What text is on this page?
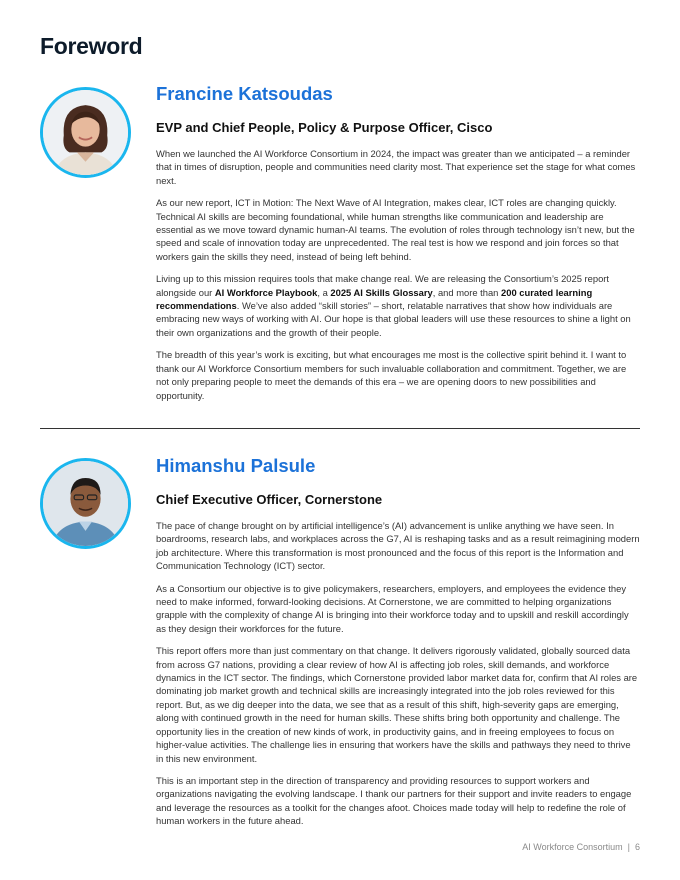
Foreword
Francine Katsoudas
EVP and Chief People, Policy & Purpose Officer, Cisco

When we launched the AI Workforce Consortium in 2024, the impact was greater than we anticipated – a reminder that in times of disruption, people and communities need clarity most. That experience set the stage for what comes next.

As our new report, ICT in Motion: The Next Wave of AI Integration, makes clear, ICT roles are changing quickly. Technical AI skills are becoming foundational, while human strengths like communication and leadership are essential as we move toward dynamic human-AI teams. The evolution of roles through technology isn’t new, but the speed and scale of innovation today are unprecedented. The real test is how we respond and join forces so that workers gain the skills they need, instead of being left behind.

Living up to this mission requires tools that make change real. We are releasing the Consortium’s 2025 report alongside our AI Workforce Playbook, a 2025 AI Skills Glossary, and more than 200 curated learning recommendations. We’ve also added “skill stories” – short, relatable narratives that show how individuals are embracing new ways of working with AI. Our hope is that global leaders will use these resources to shine a light on their own organizations and the growth of their people.

The breadth of this year’s work is exciting, but what encourages me most is the collective spirit behind it. I want to thank our AI Workforce Consortium members for such invaluable collaboration and commitment. Together, we are not only preparing people to meet the demands of this era – we are opening doors to new possibilities and opportunity.

Himanshu Palsule
Chief Executive Officer, Cornerstone

The pace of change brought on by artificial intelligence’s (AI) advancement is unlike anything we have seen. In boardrooms, research labs, and workplaces across the G7, AI is reshaping tasks and as a result reimagining modern job architecture. Where this transformation is most pronounced and the focus of this report is the Information and Communication Technology (ICT) sector.

As a Consortium our objective is to give policymakers, researchers, employers, and employees the evidence they need to make informed, forward-looking decisions. At Cornerstone, we are committed to helping organizations grapple with the complexity of change AI is bringing into their workforce today and to upskill and reskill accordingly as they design their workforces for the future.

This report offers more than just commentary on that change. It delivers rigorously validated, globally sourced data from across G7 nations, providing a clear review of how AI is affecting job roles, skill demands, and workforce dynamics in the ICT sector. The findings, which Cornerstone provided labor market data for, confirm that AI roles are dominating job market growth and technical skills are increasingly integrated into the job roles reviewed for this report. But, as we dig deeper into the data, we see that as a result of this shift, high-severity gaps are emerging, along with continued growth in the need for human skills. These shifts bring both opportunity and challenge. The opportunity lies in the creation of new kinds of work, in productivity gains, and in freeing employees to focus on higher-value activities. The challenge lies in ensuring that workers have the skills and pathways they need to thrive in this new environment.

This is an important step in the direction of transparency and providing resources to support workers and organizations navigating the evolving landscape. I thank our partners for their support and invite readers to engage and leverage the resources as a toolkit for the changes afoot. Choices made today will help to redefine the role of human workers in the future ahead.

AI Workforce Consortium | 6
